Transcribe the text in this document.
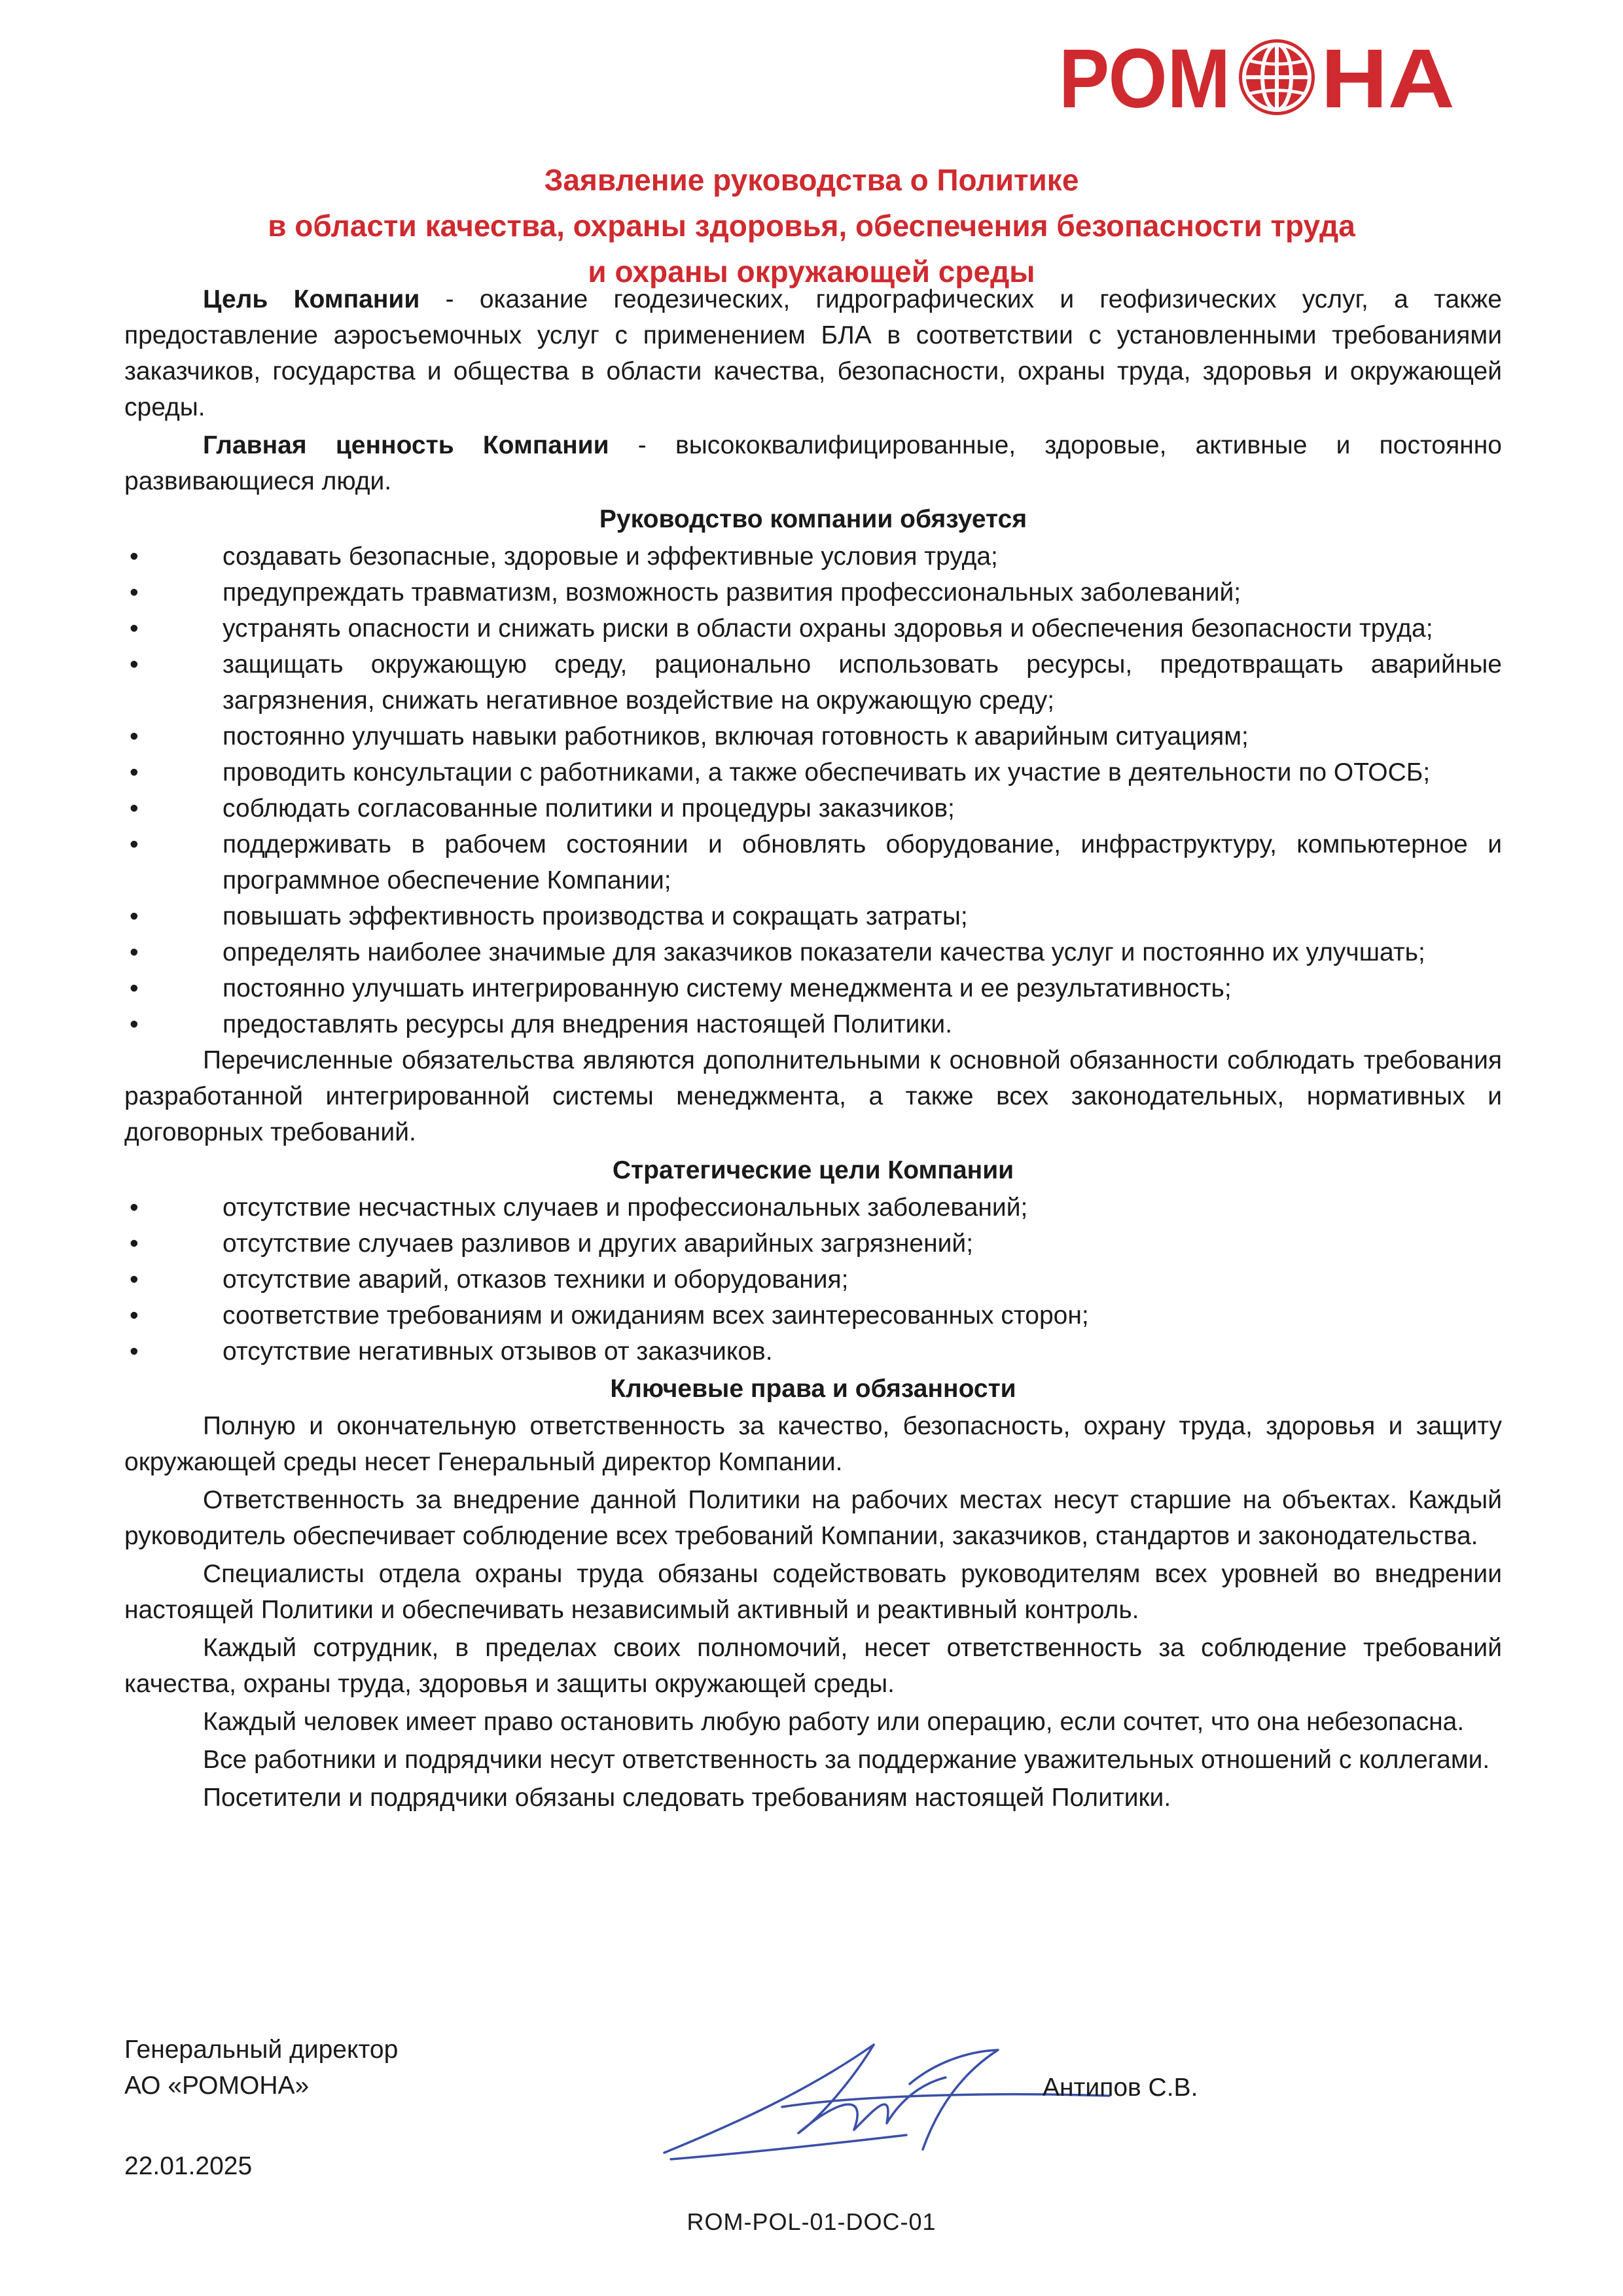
РОМ НА
Заявление руководства о Политике
в области качества, охраны здоровья, обеспечения безопасности труда
и охраны окружающей среды

Цель Компании - оказание геодезических, гидрографических и геофизических услуг, а также предоставление аэросъемочных услуг с применением БЛА в соответствии с установленными требованиями заказчиков, государства и общества в области качества, безопасности, охраны труда, здоровья и окружающей среды.

Главная ценность Компании - высококвалифицированные, здоровые, активные и постоянно развивающиеся люди.

Руководство компании обязуется
•	создавать безопасные, здоровые и эффективные условия труда;
•	предупреждать травматизм, возможность развития профессиональных заболеваний;
•	устранять опасности и снижать риски в области охраны здоровья и обеспечения безопасности труда;
•	защищать окружающую среду, рационально использовать ресурсы, предотвращать аварийные загрязнения, снижать негативное воздействие на окружающую среду;
•	постоянно улучшать навыки работников, включая готовность к аварийным ситуациям;
•	проводить консультации с работниками, а также обеспечивать их участие в деятельности по ОТОСБ;
•	соблюдать согласованные политики и процедуры заказчиков;
•	поддерживать в рабочем состоянии и обновлять оборудование, инфраструктуру, компьютерное и программное обеспечение Компании;
•	повышать эффективность производства и сокращать затраты;
•	определять наиболее значимые для заказчиков показатели качества услуг и постоянно их улучшать;
•	постоянно улучшать интегрированную систему менеджмента и ее результативность;
•	предоставлять ресурсы для внедрения настоящей Политики.

Перечисленные обязательства являются дополнительными к основной обязанности соблюдать требования разработанной интегрированной системы менеджмента, а также всех законодательных, нормативных и договорных требований.

Стратегические цели Компании
•	отсутствие несчастных случаев и профессиональных заболеваний;
•	отсутствие случаев разливов и других аварийных загрязнений;
•	отсутствие аварий, отказов техники и оборудования;
•	соответствие требованиям и ожиданиям всех заинтересованных сторон;
•	отсутствие негативных отзывов от заказчиков.
Ключевые права и обязанности

Полную и окончательную ответственность за качество, безопасность, охрану труда, здоровья и защиту окружающей среды несет Генеральный директор Компании.

Ответственность за внедрение данной Политики на рабочих местах несут старшие на объектах. Каждый руководитель обеспечивает соблюдение всех требований Компании, заказчиков, стандартов и законодательства.

Специалисты отдела охраны труда обязаны содействовать руководителям всех уровней во внедрении настоящей Политики и обеспечивать независимый активный и реактивный контроль.

Каждый сотрудник, в пределах своих полномочий, несет ответственность за соблюдение требований качества, охраны труда, здоровья и защиты окружающей среды.

Каждый человек имеет право остановить любую работу или операцию, если сочтет, что она небезопасна.

Все работники и подрядчики несут ответственность за поддержание уважительных отношений с коллегами.

Посетители и подрядчики обязаны следовать требованиям настоящей Политики.

Генеральный директор
АО «РОМОНА»
22.01.2025
Антипов С.В.
ROM-POL-01-DOC-01
